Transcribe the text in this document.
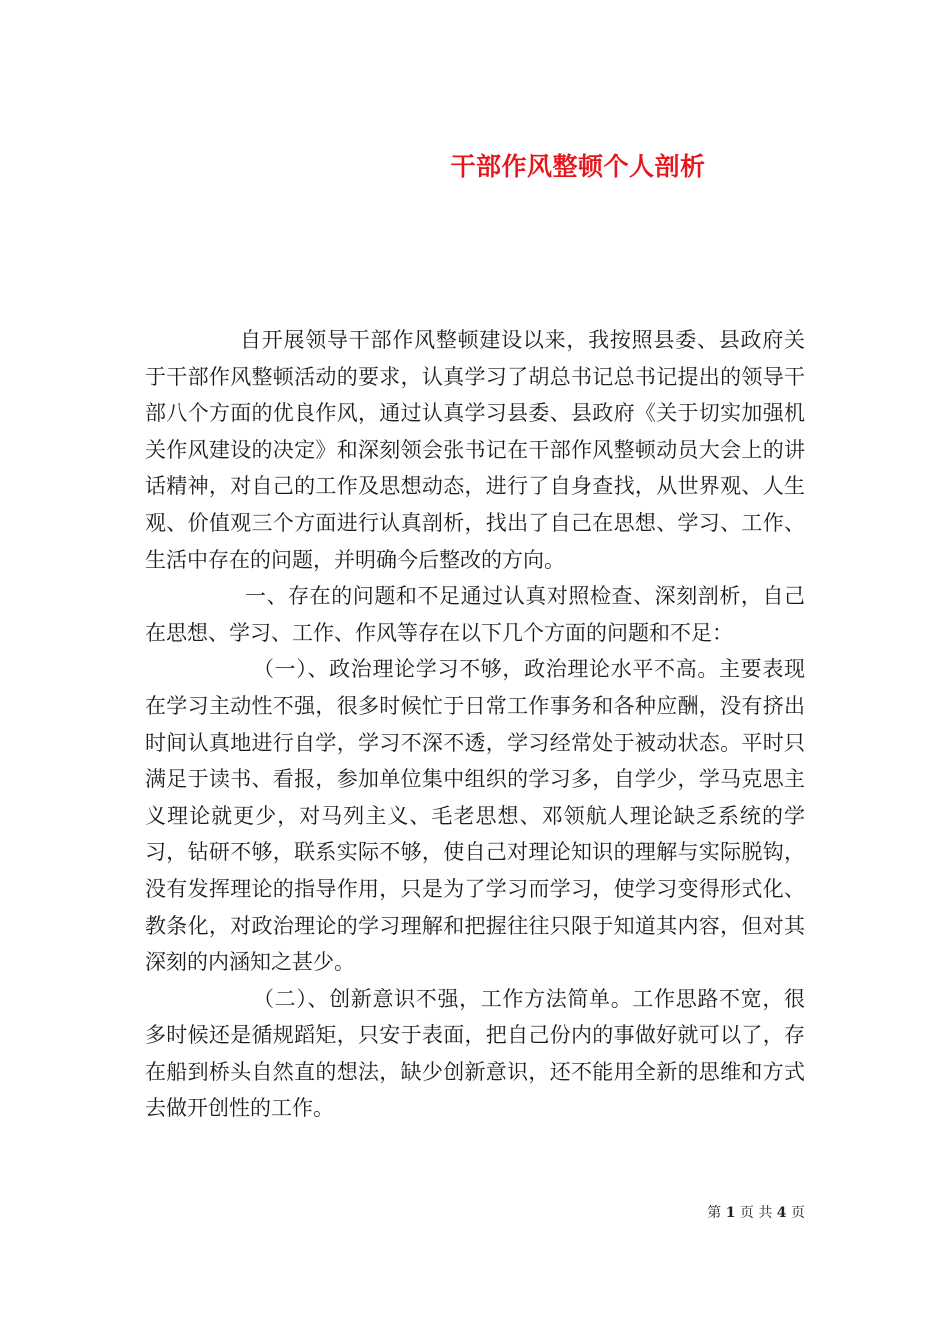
干部作风整顿个人剖析

自开展领导干部作风整顿建设以来，我按照县委、县政府关于干部作风整顿活动的要求，认真学习了胡总书记总书记提出的领导干部八个方面的优良作风，通过认真学习县委、县政府《关于切实加强机关作风建设的决定》和深刻领会张书记在干部作风整顿动员大会上的讲话精神，对自己的工作及思想动态，进行了自身查找，从世界观、人生观、价值观三个方面进行认真剖析，找出了自己在思想、学习、工作、生活中存在的问题，并明确今后整改的方向。

一、存在的问题和不足通过认真对照检查、深刻剖析，自己在思想、学习、工作、作风等存在以下几个方面的问题和不足：

（一）、政治理论学习不够，政治理论水平不高。主要表现在学习主动性不强，很多时候忙于日常工作事务和各种应酬，没有挤出时间认真地进行自学，学习不深不透，学习经常处于被动状态。平时只满足于读书、看报，参加单位集中组织的学习多，自学少，学马克思主义理论就更少，对马列主义、毛老思想、邓领航人理论缺乏系统的学习，钻研不够，联系实际不够，使自己对理论知识的理解与实际脱钩，没有发挥理论的指导作用，只是为了学习而学习，使学习变得形式化、教条化，对政治理论的学习理解和把握往往只限于知道其内容，但对其深刻的内涵知之甚少。

（二）、创新意识不强，工作方法简单。工作思路不宽，很多时候还是循规蹈矩，只安于表面，把自己份内的事做好就可以了，存在船到桥头自然直的想法，缺少创新意识，还不能用全新的思维和方式去做开创性的工作。

第 1 页 共 4 页
